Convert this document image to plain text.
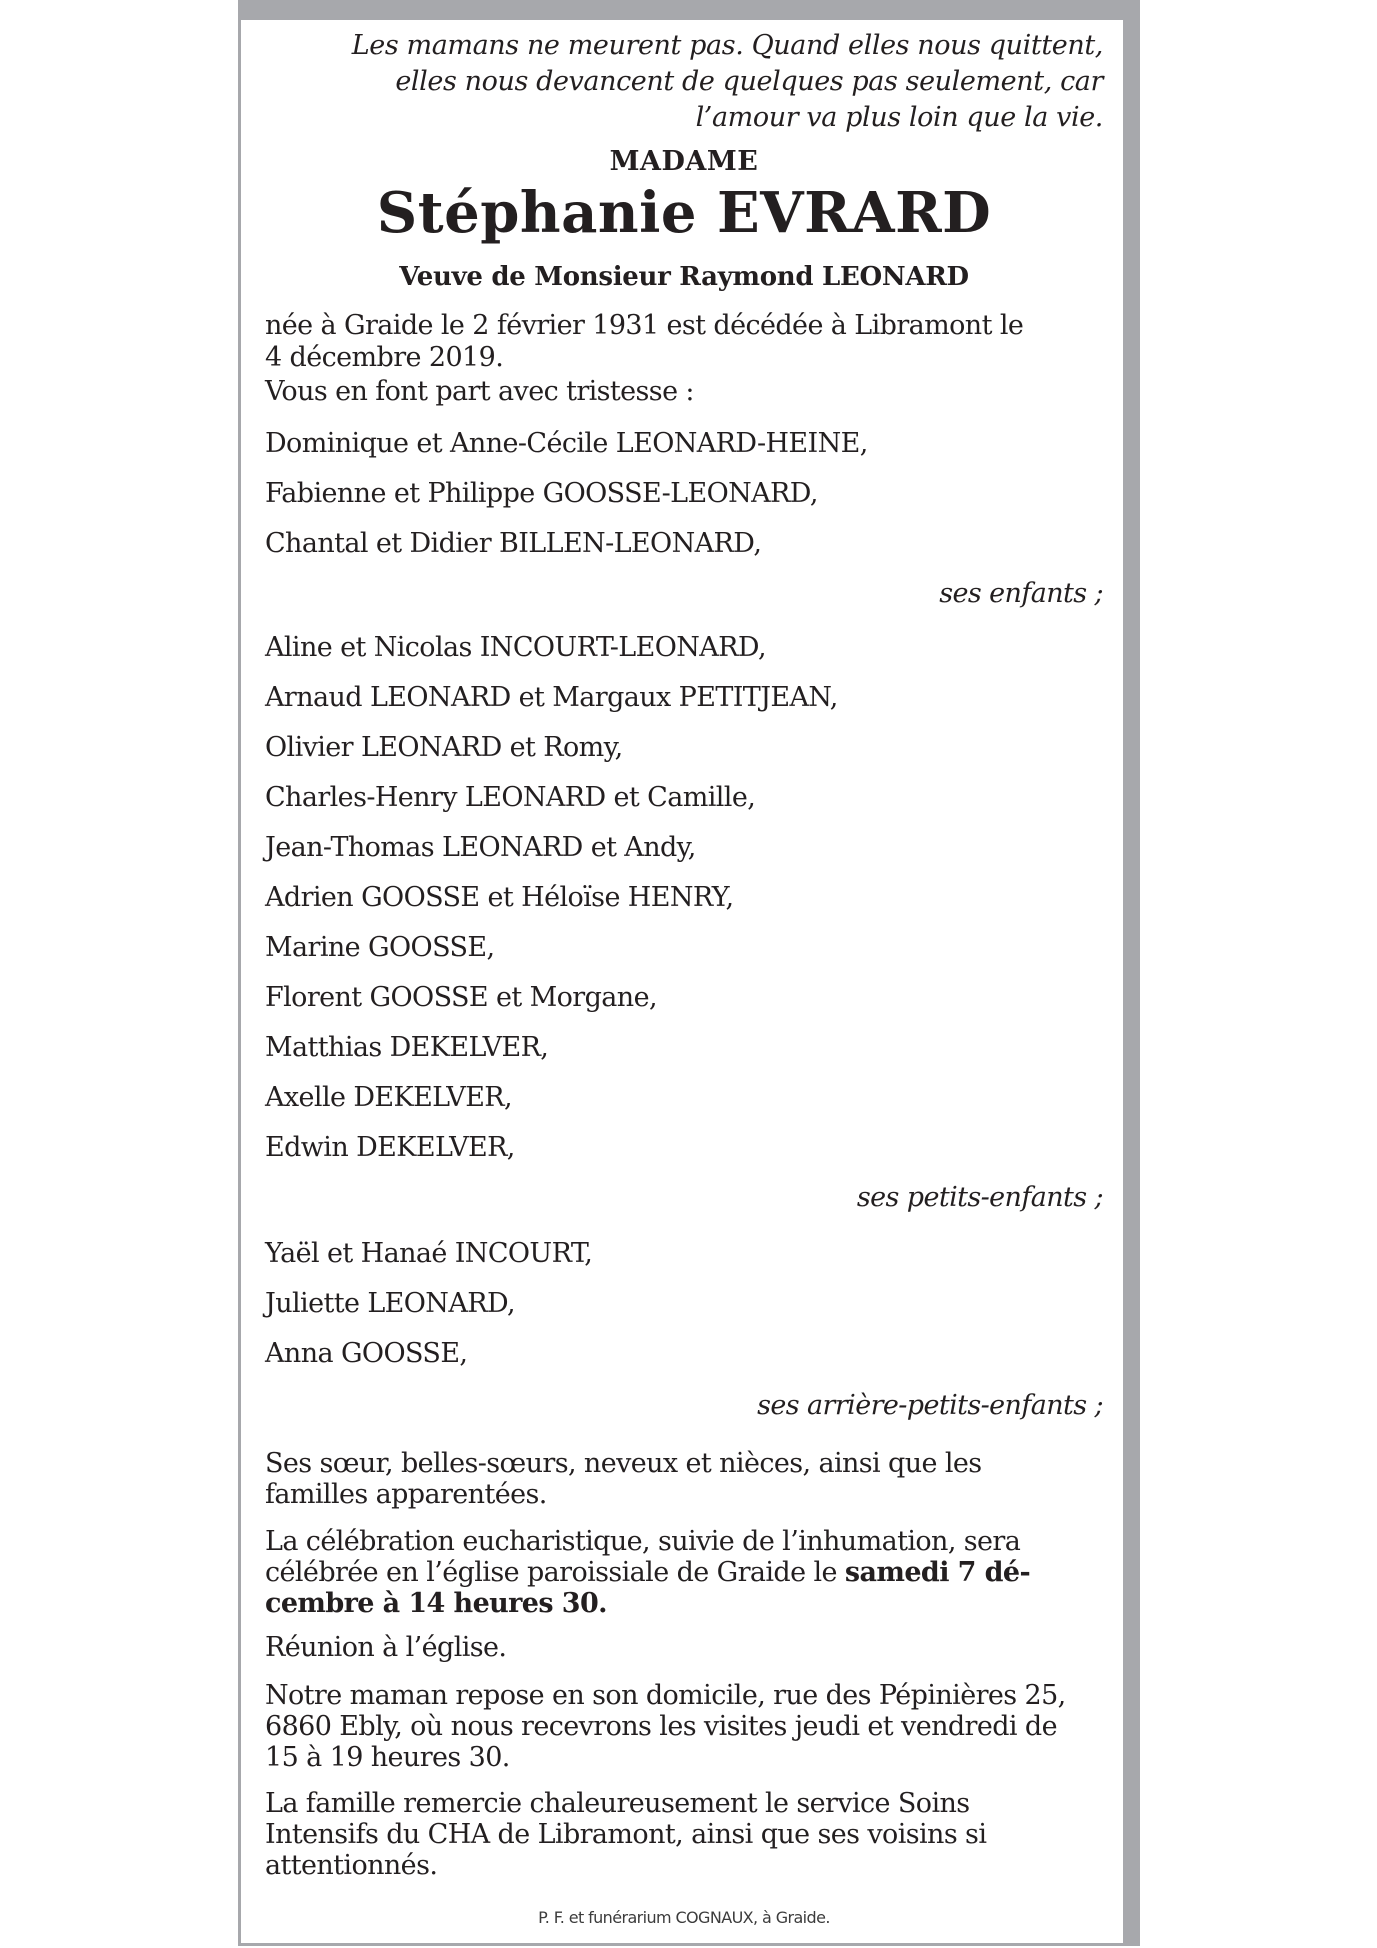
Les mamans ne meurent pas. Quand elles nous quittent,
elles nous devancent de quelques pas seulement, car
l’amour va plus loin que la vie.
MADAME
Stéphanie EVRARD
Veuve de Monsieur Raymond LEONARD
née à Graide le 2 février 1931 est décédée à Libramont le
4 décembre 2019.
Vous en font part avec tristesse :
Dominique et Anne-Cécile LEONARD-HEINE,
Fabienne et Philippe GOOSSE-LEONARD,
Chantal et Didier BILLEN-LEONARD,
ses enfants ;
Aline et Nicolas INCOURT-LEONARD,
Arnaud LEONARD et Margaux PETITJEAN,
Olivier LEONARD et Romy,
Charles-Henry LEONARD et Camille,
Jean-Thomas LEONARD et Andy,
Adrien GOOSSE et Héloïse HENRY,
Marine GOOSSE,
Florent GOOSSE et Morgane,
Matthias DEKELVER,
Axelle DEKELVER,
Edwin DEKELVER,
ses petits-enfants ;
Yaël et Hanaé INCOURT,
Juliette LEONARD,
Anna GOOSSE,
ses arrière-petits-enfants ;
Ses sœur, belles-sœurs, neveux et nièces, ainsi que les
familles apparentées.
La célébration eucharistique, suivie de l’inhumation, sera
célébrée en l’église paroissiale de Graide le samedi 7 dé-
cembre à 14 heures 30.
Réunion à l’église.
Notre maman repose en son domicile, rue des Pépinières 25,
6860 Ebly, où nous recevrons les visites jeudi et vendredi de
15 à 19 heures 30.
La famille remercie chaleureusement le service Soins
Intensifs du CHA de Libramont, ainsi que ses voisins si
attentionnés.
P. F. et funérarium COGNAUX, à Graide.
